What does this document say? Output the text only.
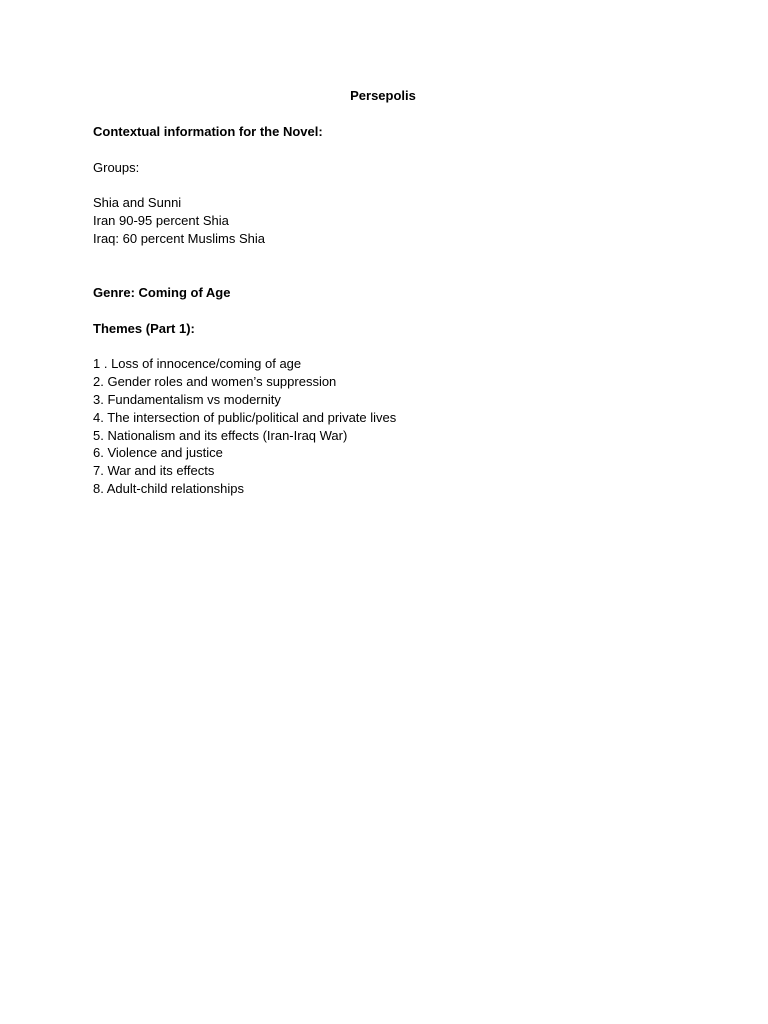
Persepolis

Contextual information for the Novel:

Groups:

Shia and Sunni
Iran 90-95 percent Shia
Iraq: 60 percent Muslims Shia

Genre: Coming of Age

Themes (Part 1):

1 . Loss of innocence/coming of age
2. Gender roles and women’s suppression
3. Fundamentalism vs modernity
4. The intersection of public/political and private lives
5. Nationalism and its effects (Iran-Iraq War)
6. Violence and justice
7. War and its effects
8. Adult-child relationships
